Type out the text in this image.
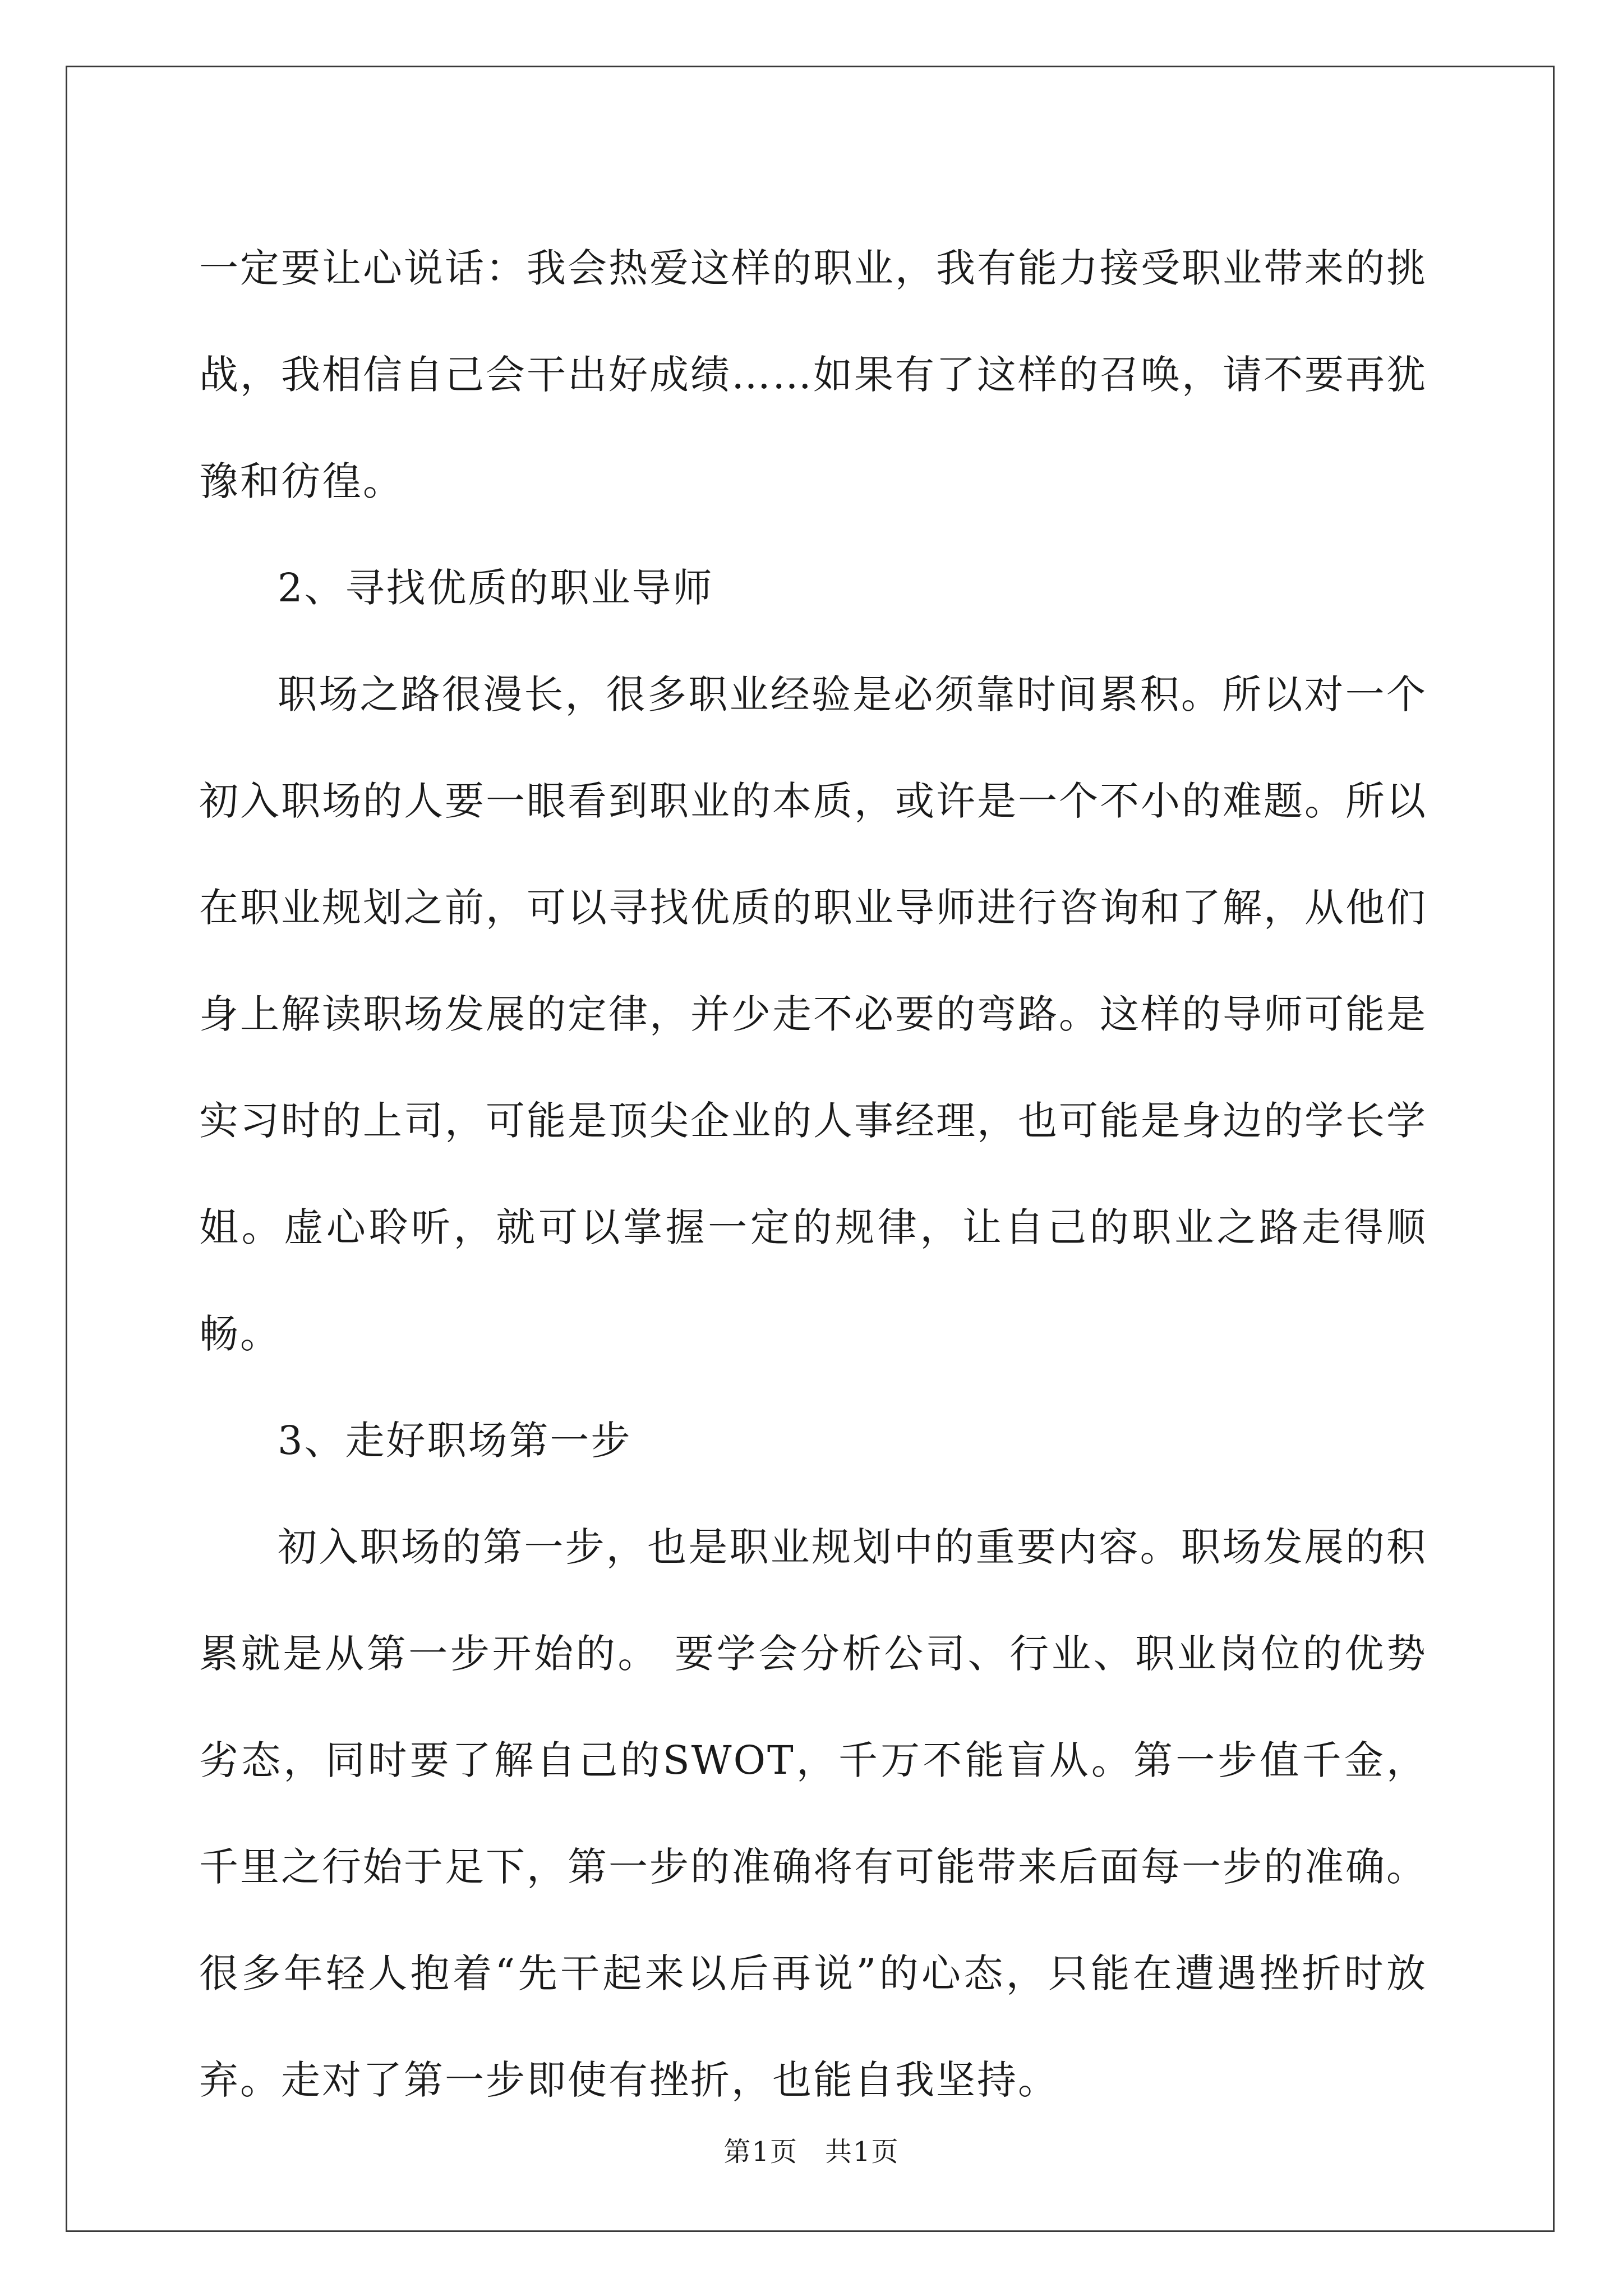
一定要让心说话：我会热爱这样的职业，我有能力接受职业带来的挑战，我相信自己会干出好成绩……如果有了这样的召唤，请不要再犹豫和彷徨。

2、寻找优质的职业导师

职场之路很漫长，很多职业经验是必须靠时间累积。所以对一个初入职场的人要一眼看到职业的本质，或许是一个不小的难题。所以在职业规划之前，可以寻找优质的职业导师进行咨询和了解，从他们身上解读职场发展的定律，并少走不必要的弯路。这样的导师可能是实习时的上司，可能是顶尖企业的人事经理，也可能是身边的学长学姐。虚心聆听，就可以掌握一定的规律，让自己的职业之路走得顺畅。

3、走好职场第一步

初入职场的第一步，也是职业规划中的重要内容。职场发展的积累就是从第一步开始的。 要学会分析公司、行业、职业岗位的优势劣态，同时要了解自己的SWOT，千万不能盲从。第一步值千金，千里之行始于足下，第一步的准确将有可能带来后面每一步的准确。很多年轻人抱着“先干起来以后再说”的心态，只能在遭遇挫折时放弃。走对了第一步即使有挫折，也能自我坚持。

第1页 共1页
